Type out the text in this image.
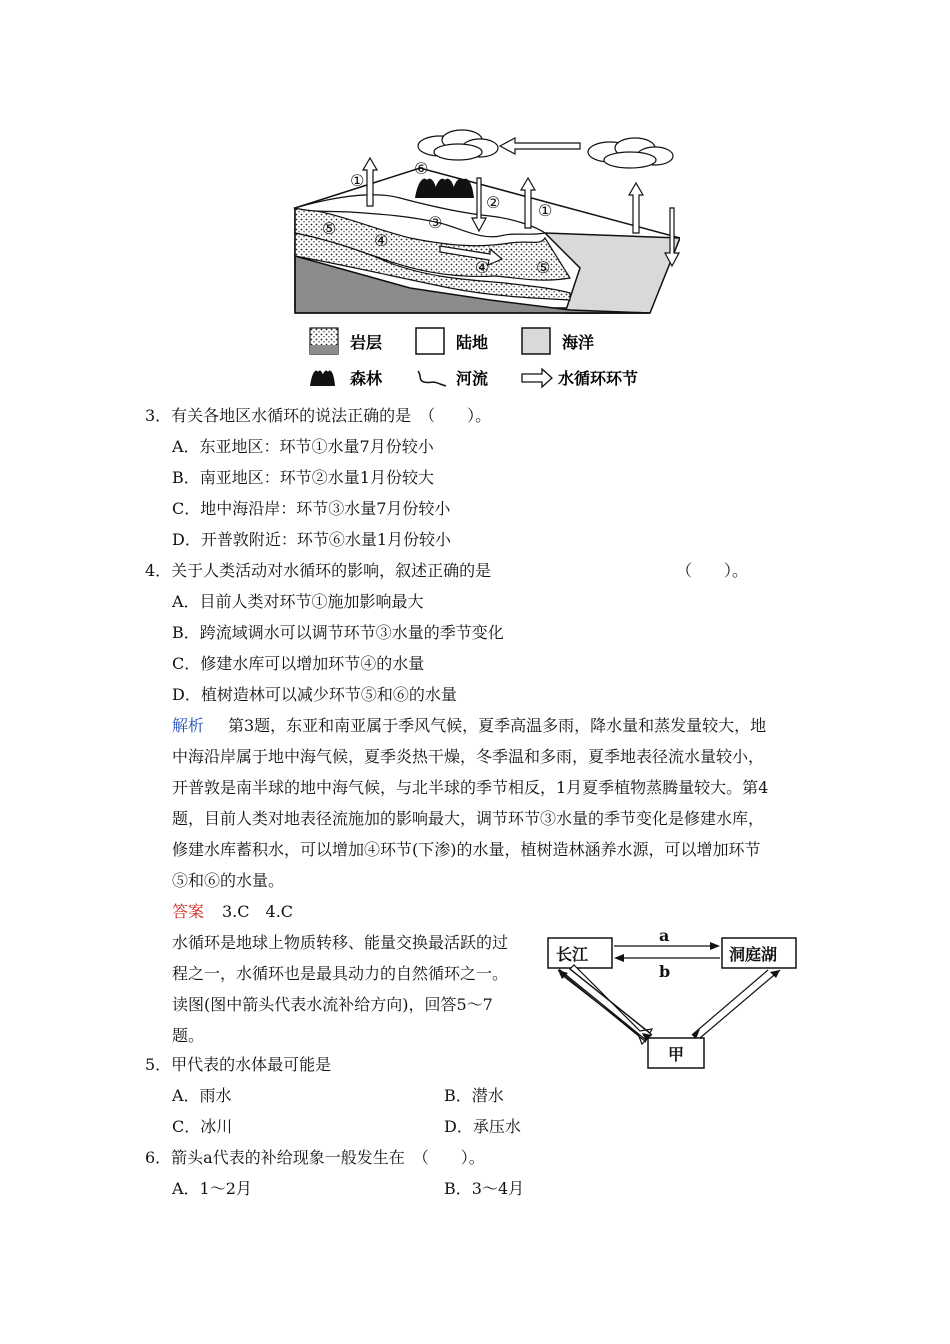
①
⑥
② ①
③
⑤
④
④	⑤
岩层	陆地	海洋
森林	河流	水循环环节
3．有关各地区水循环的说法正确的是　（　　）。
A．东亚地区：环节①水量7月份较小
B．南亚地区：环节②水量1月份较大
C．地中海沿岸：环节③水量7月份较小
D．开普敦附近：环节⑥水量1月份较小
4．关于人类活动对水循环的影响，叙述正确的是	（　　）。
A．目前人类对环节①施加影响最大
B．跨流域调水可以调节环节③水量的季节变化
C．修建水库可以增加环节④的水量
D．植树造林可以减少环节⑤和⑥的水量
解析 第3题，东亚和南亚属于季风气候，夏季高温多雨，降水量和蒸发量较大，地
中海沿岸属于地中海气候，夏季炎热干燥，冬季温和多雨，夏季地表径流水量较小，
开普敦是南半球的地中海气候，与北半球的季节相反，1月夏季植物蒸腾量较大。第4
题，目前人类对地表径流施加的影响最大，调节环节③水量的季节变化是修建水库，
修建水库蓄积水，可以增加④环节(下渗)的水量，植树造林涵养水源，可以增加环节
⑤和⑥的水量。
答案 3.C　4.C
水循环是地球上物质转移、能量交换最活跃的过
程之一，水循环也是最具动力的自然循环之一。
读图(图中箭头代表水流补给方向)，回答5～7
题。
长江	洞庭湖
甲
a
b
5．甲代表的水体最可能是
A．雨水	B．潜水
C．冰川	D．承压水
6．箭头a代表的补给现象一般发生在　（　　）。
A．1～2月	B．3～4月
